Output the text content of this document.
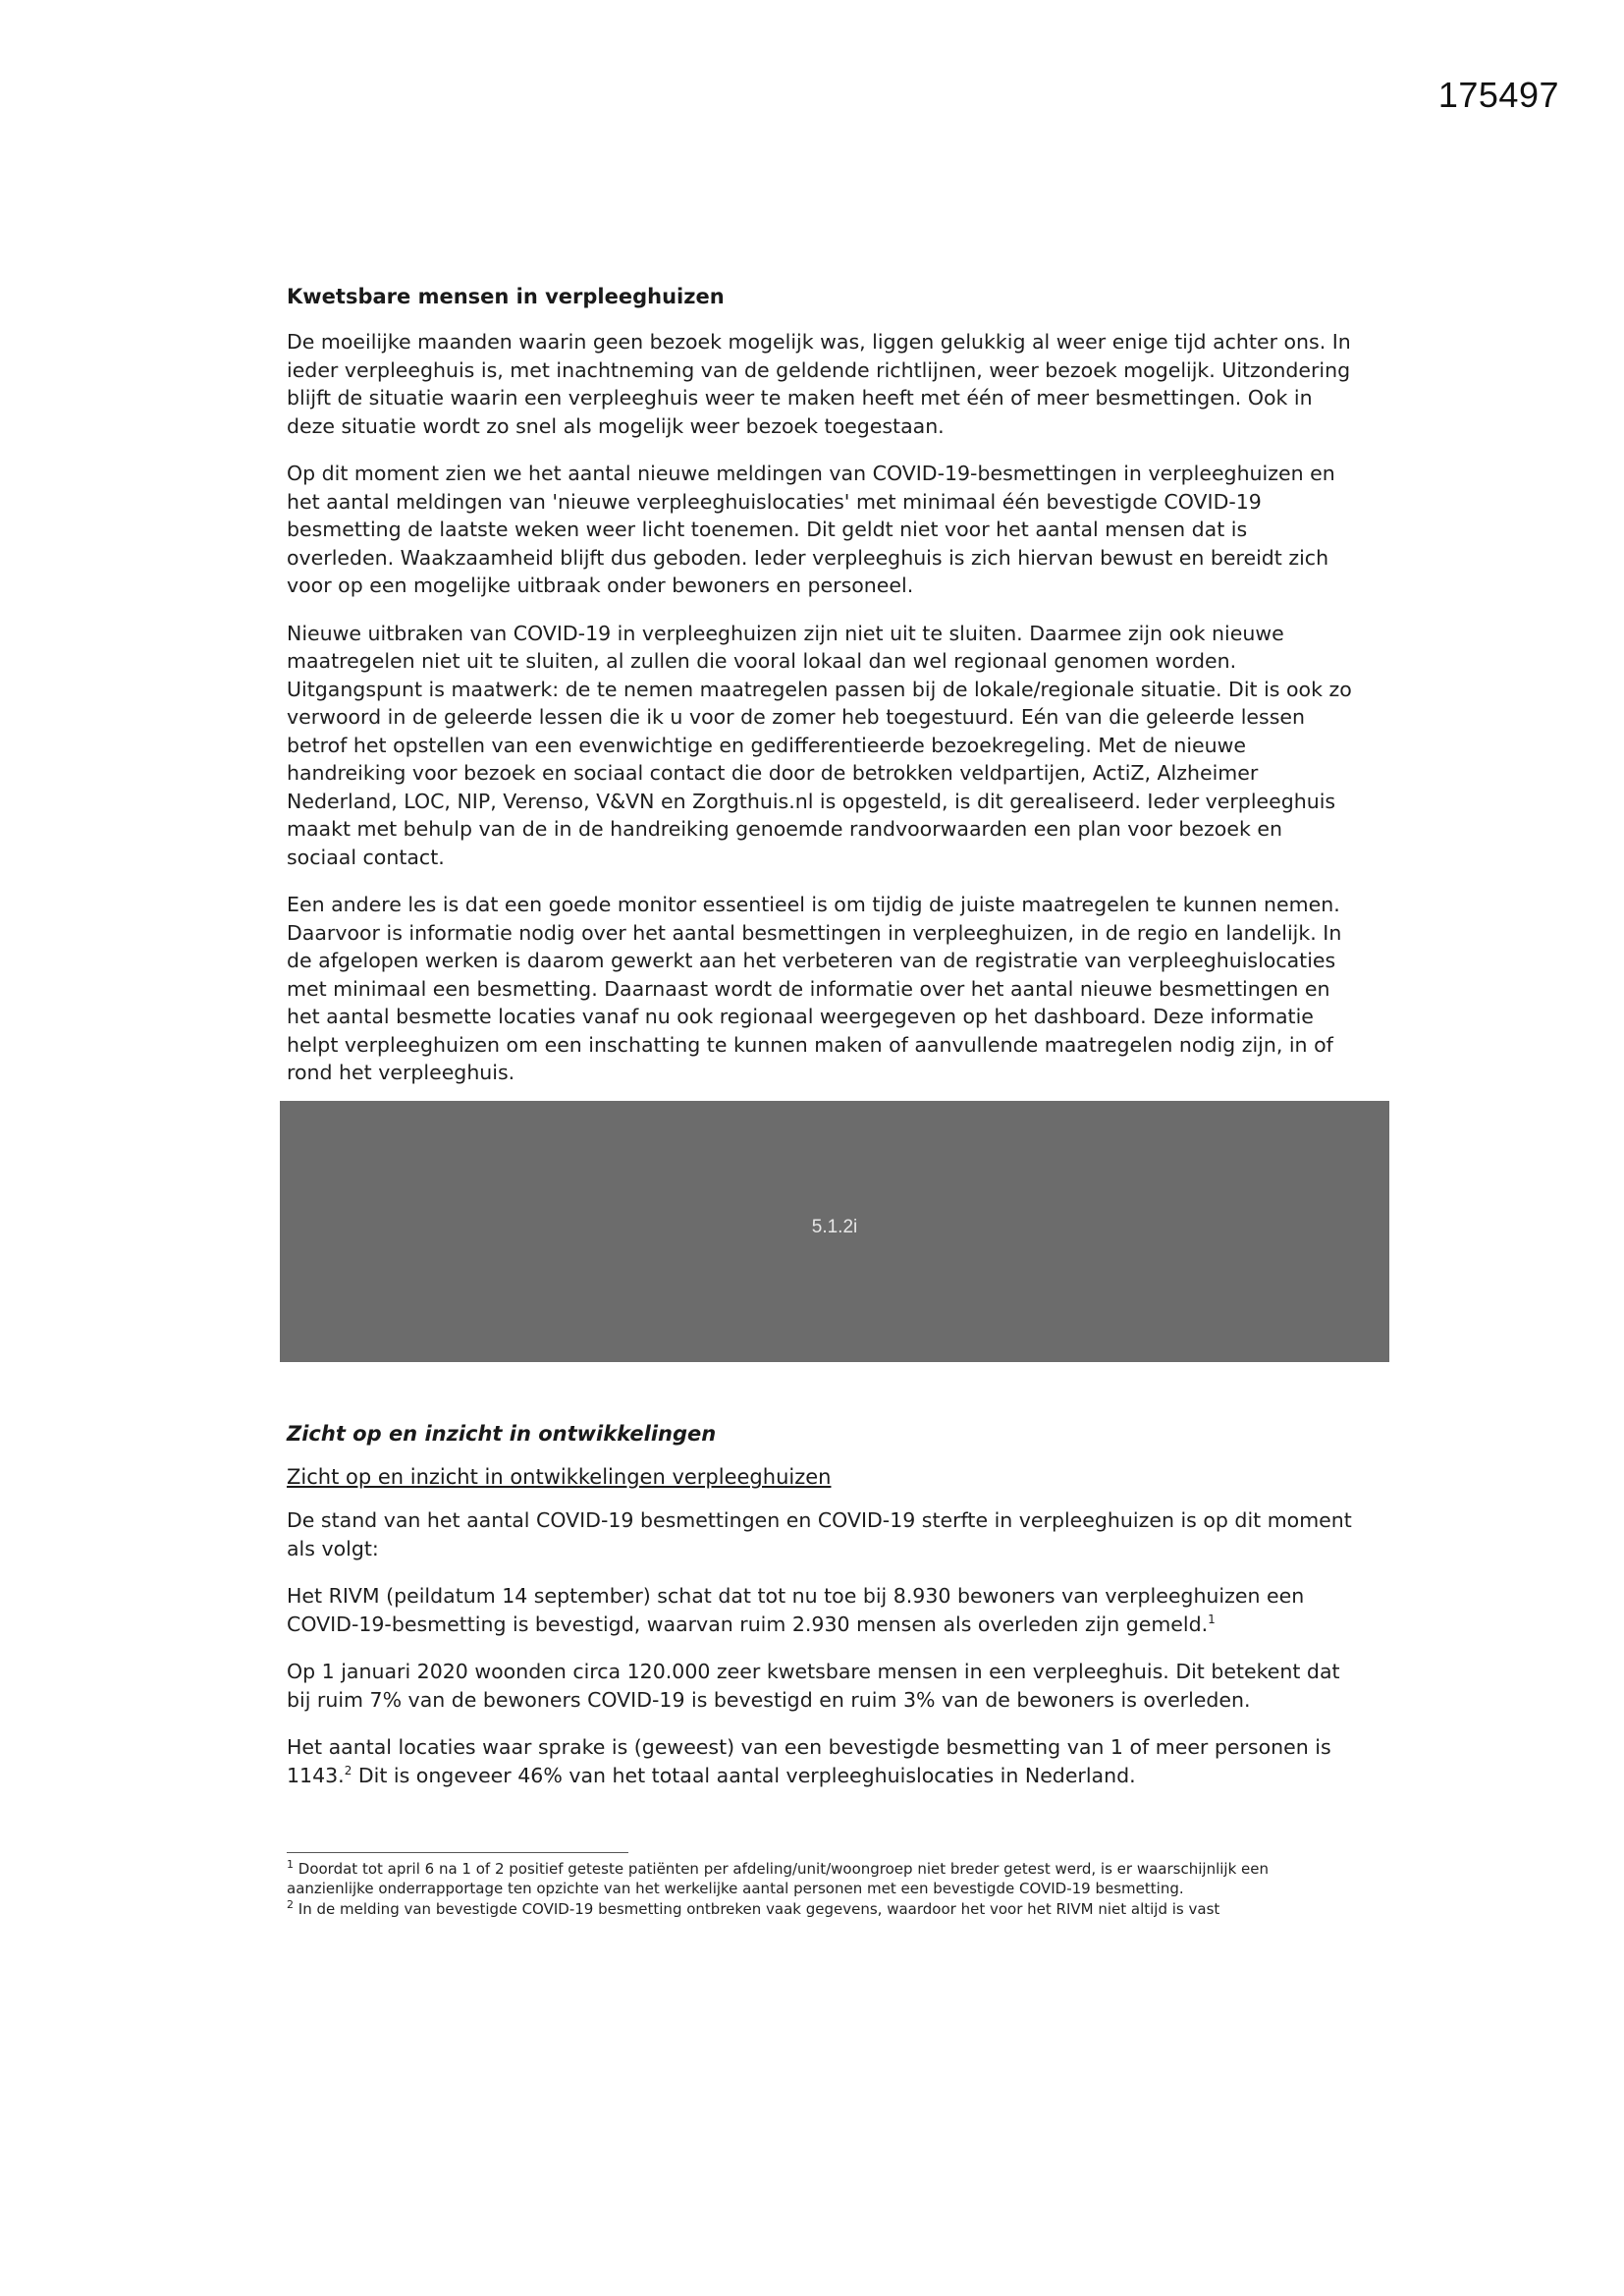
175497
Kwetsbare mensen in verpleeghuizen

De moeilijke maanden waarin geen bezoek mogelijk was, liggen gelukkig al weer enige tijd achter ons. In ieder verpleeghuis is, met inachtneming van de geldende richtlijnen, weer bezoek mogelijk. Uitzondering blijft de situatie waarin een verpleeghuis weer te maken heeft met één of meer besmettingen. Ook in deze situatie wordt zo snel als mogelijk weer bezoek toegestaan.

Op dit moment zien we het aantal nieuwe meldingen van COVID-19-besmettingen in verpleeghuizen en het aantal meldingen van 'nieuwe verpleeghuislocaties' met minimaal één bevestigde COVID-19 besmetting de laatste weken weer licht toenemen. Dit geldt niet voor het aantal mensen dat is overleden. Waakzaamheid blijft dus geboden. Ieder verpleeghuis is zich hiervan bewust en bereidt zich voor op een mogelijke uitbraak onder bewoners en personeel.

Nieuwe uitbraken van COVID-19 in verpleeghuizen zijn niet uit te sluiten. Daarmee zijn ook nieuwe maatregelen niet uit te sluiten, al zullen die vooral lokaal dan wel regionaal genomen worden. Uitgangspunt is maatwerk: de te nemen maatregelen passen bij de lokale/regionale situatie. Dit is ook zo verwoord in de geleerde lessen die ik u voor de zomer heb toegestuurd. Eén van die geleerde lessen betrof het opstellen van een evenwichtige en gedifferentieerde bezoekregeling. Met de nieuwe handreiking voor bezoek en sociaal contact die door de betrokken veldpartijen, ActiZ, Alzheimer Nederland, LOC, NIP, Verenso, V&VN en Zorgthuis.nl is opgesteld, is dit gerealiseerd. Ieder verpleeghuis maakt met behulp van de in de handreiking genoemde randvoorwaarden een plan voor bezoek en sociaal contact.

Een andere les is dat een goede monitor essentieel is om tijdig de juiste maatregelen te kunnen nemen. Daarvoor is informatie nodig over het aantal besmettingen in verpleeghuizen, in de regio en landelijk. In de afgelopen werken is daarom gewerkt aan het verbeteren van de registratie van verpleeghuislocaties met minimaal een besmetting. Daarnaast wordt de informatie over het aantal nieuwe besmettingen en het aantal besmette locaties vanaf nu ook regionaal weergegeven op het dashboard. Deze informatie helpt verpleeghuizen om een inschatting te kunnen maken of aanvullende maatregelen nodig zijn, in of rond het verpleeghuis.

5.1.2i
Zicht op en inzicht in ontwikkelingen
Zicht op en inzicht in ontwikkelingen verpleeghuizen

De stand van het aantal COVID-19 besmettingen en COVID-19 sterfte in verpleeghuizen is op dit moment als volgt:

Het RIVM (peildatum 14 september) schat dat tot nu toe bij 8.930 bewoners van verpleeghuizen een COVID-19-besmetting is bevestigd, waarvan ruim 2.930 mensen als overleden zijn gemeld.$^1$

Op 1 januari 2020 woonden circa 120.000 zeer kwetsbare mensen in een verpleeghuis. Dit betekent dat bij ruim 7% van de bewoners COVID-19 is bevestigd en ruim 3% van de bewoners is overleden.

Het aantal locaties waar sprake is (geweest) van een bevestigde besmetting van 1 of meer personen is 1143.$^2$ Dit is ongeveer 46% van het totaal aantal verpleeghuislocaties in Nederland.

$^1$ Doordat tot april 6 na 1 of 2 positief geteste patiënten per afdeling/unit/woongroep niet breder getest werd, is er waarschijnlijk een aanzienlijke onderrapportage ten opzichte van het werkelijke aantal personen met een bevestigde COVID-19 besmetting.
$^2$ In de melding van bevestigde COVID-19 besmetting ontbreken vaak gegevens, waardoor het voor het RIVM niet altijd is vast
